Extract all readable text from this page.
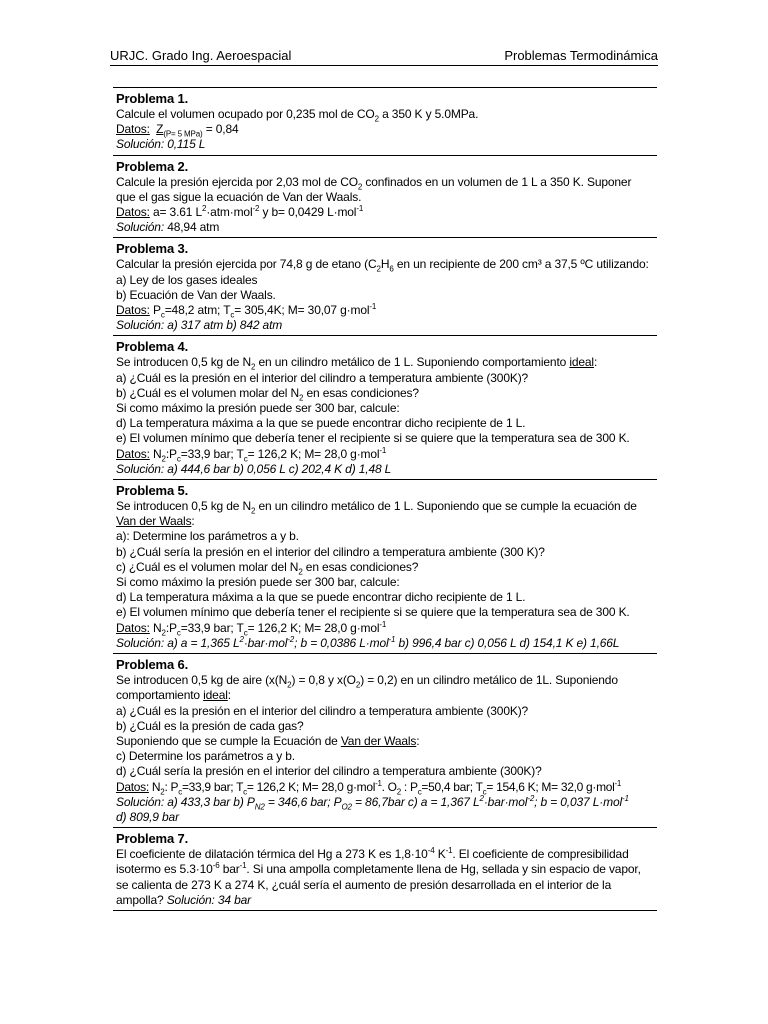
URJC. Grado Ing. Aeroespacial	Problemas Termodinámica
Problema 1.
Calcule el volumen ocupado por 0,235 mol de $CO_2$ a 350 K y 5.0MPa.
Datos: $Z_{(P= 5 MPa)} = 0,84$
Solución: 0,115 L
Problema 2.
Calcule la presión ejercida por 2,03 mol de $CO_2$ confinados en un volumen de 1 L a 350 K. Suponer que el gas sigue la ecuación de Van der Waals.
Datos: a= 3.61 $L^2\cdot atm\cdot mol^{-2}$ y b= 0,0429 L·mol$^{-1}$
Solución: 48,94 atm
Problema 3.
Calcular la presión ejercida por 74,8 g de etano ($C_2H_6$ en un recipiente de 200 cm³ a 37,5 ºC utilizando:
a) Ley de los gases ideales
b) Ecuación de Van der Waals.
Datos: $P_c=48,2$ atm; $T_c= 305,4K$; M= 30,07 g·mol$^{-1}$
Solución: a) 317 atm b) 842 atm
Problema 4.
Se introducen 0,5 kg de $N_2$ en un cilindro metálico de 1 L. Suponiendo comportamiento ideal:
a) ¿Cuál es la presión en el interior del cilindro a temperatura ambiente (300K)?
b) ¿Cuál es el volumen molar del $N_2$ en esas condiciones?
Si como máximo la presión puede ser 300 bar, calcule:
d) La temperatura máxima a la que se puede encontrar dicho recipiente de 1 L.
e) El volumen mínimo que debería tener el recipiente si se quiere que la temperatura sea de 300 K.
Datos: $N_2:P_c=33,9$ bar; $T_c= 126,2$ K; M= 28,0 g·mol$^{-1}$
Solución: a) 444,6 bar b) 0,056 L c) 202,4 K d) 1,48 L
Problema 5.
Se introducen 0,5 kg de $N_2$ en un cilindro metálico de 1 L. Suponiendo que se cumple la ecuación de Van der Waals:
a): Determine los parámetros a y b.
b) ¿Cuál sería la presión en el interior del cilindro a temperatura ambiente (300 K)?
c) ¿Cuál es el volumen molar del $N_2$ en esas condiciones?
Si como máximo la presión puede ser 300 bar, calcule:
d) La temperatura máxima a la que se puede encontrar dicho recipiente de 1 L.
e) El volumen mínimo que debería tener el recipiente si se quiere que la temperatura sea de 300 K.
Datos: $N_2:P_c=33,9$ bar; $T_c= 126,2$ K; M= 28,0 g·mol$^{-1}$
Solución: a) a = 1,365 $L^2\cdot bar\cdot mol^{-2}$; b = 0,0386 L·mol$^{-1}$ b) 996,4 bar c) 0,056 L d) 154,1 K e) 1,66L
Problema 6.
Se introducen 0,5 kg de aire ($x(N_2) = 0,8$ y $x(O_2) = 0,2$) en un cilindro metálico de 1L. Suponiendo comportamiento ideal:
a) ¿Cuál es la presión en el interior del cilindro a temperatura ambiente (300K)?
b) ¿Cuál es la presión de cada gas?
Suponiendo que se cumple la Ecuación de Van der Waals:
c) Determine los parámetros a y b.
d) ¿Cuál sería la presión en el interior del cilindro a temperatura ambiente (300K)?
Datos: $N_2$: $P_c=33,9$ bar; $T_c= 126,2$ K; M= 28,0 g·mol$^{-1}$. $O_2$ : $P_c=50,4$ bar; $T_c= 154,6$ K; M= 32,0 g·mol$^{-1}$
Solución: a) 433,3 bar b) $P_{N2} = 346,6$ bar; $P_{O2} = 86,7bar$ c) a = 1,367 $L^2\cdot bar\cdot mol^{-2}$; b = 0,037 L·mol$^{-1}$
d) 809,9 bar
Problema 7.
El coeficiente de dilatación térmica del Hg a 273 K es $1,8\cdot 10^{-4}$ $K^{-1}$. El coeficiente de compresibilidad isotermo es $5.3\cdot 10^{-6}$ bar$^{-1}$. Si una ampolla completamente llena de Hg, sellada y sin espacio de vapor, se calienta de 273 K a 274 K, ¿cuál sería el aumento de presión desarrollada en el interior de la ampolla? Solución: 34 bar
